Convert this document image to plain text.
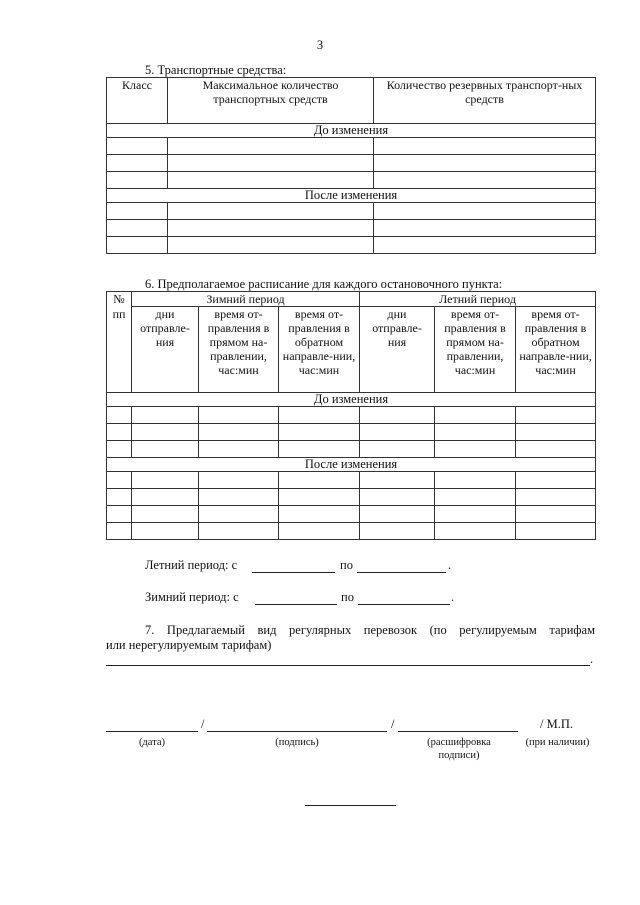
3
5. Транспортные средства:
Класс	Максимальное количество транспортных средств	Количество резервных транспорт-ных средств
До изменения		

После изменения		

6. Предполагаемое расписание для каждого остановочного пункта:
№ пп	Зимний период			Летний период		
	дни отправле-ния	время от-правления в прямом на-правлении, час:мин	время от-правления в обратном направле-нии, час:мин	дни отправле-ния	время от-правления в прямом на-правлении, час:мин	время от-правления в обратном направле-нии, час:мин
До изменения						

После изменения						

Летний период: с	по	.
Зимний период: с	по	.
7. Предлагаемый вид регулярных перевозок (по регулируемым тарифам
или нерегулируемым тарифам)
.
/	/	/ М.П.
(дата)	(подпись)	(расшифровка подписи)
(при наличии)
